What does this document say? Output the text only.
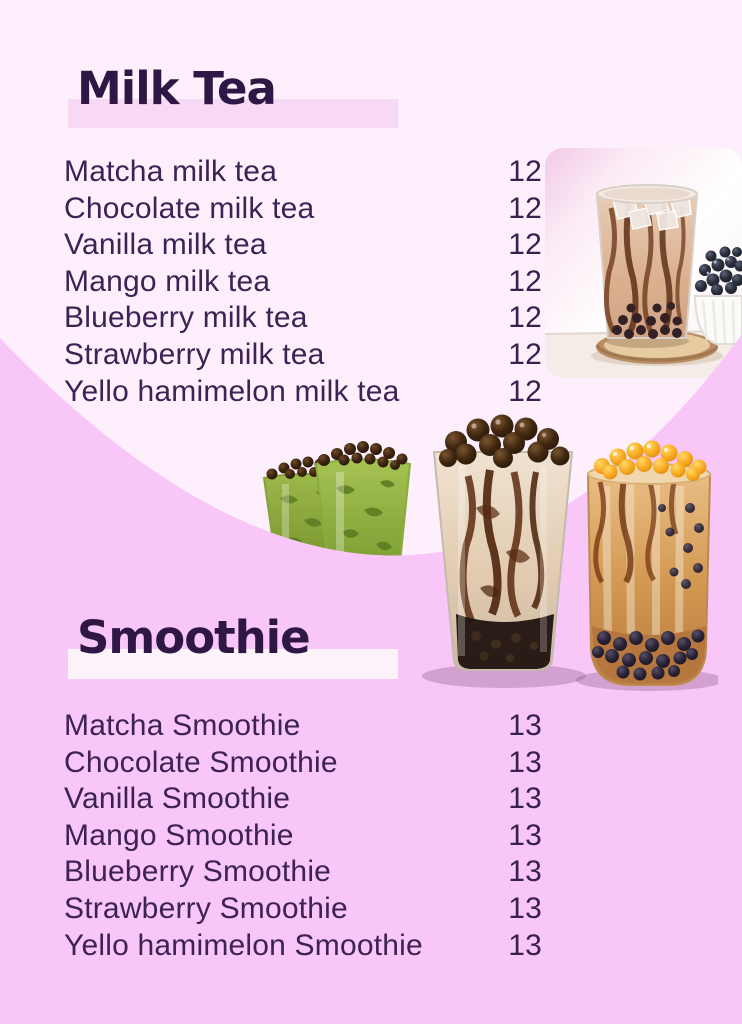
Milk Tea
Matcha milk tea	12
Chocolate milk tea	12
Vanilla milk tea	12
Mango milk tea	12
Blueberry milk tea	12
Strawberry milk tea	12
Yello hamimelon milk tea	12
Smoothie
Matcha Smoothie	13
Chocolate Smoothie	13
Vanilla Smoothie	13
Mango Smoothie	13
Blueberry Smoothie	13
Strawberry Smoothie	13
Yello hamimelon Smoothie	13
